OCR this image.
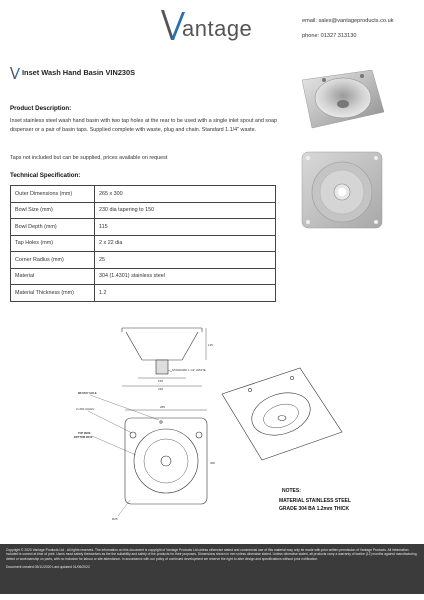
antage	email: sales@vantageproducts.co.uk
phone: 01327 313130
Inset Wash Hand Basin VIN230S
Product Description:
Inset stainless steel wash hand basin with two tap holes at the rear to be used with a single inlet spout and soap dispenser or a pair of basin taps. Supplied complete with waste, plug and chain. Standard 1.1/4" waste.
Taps not included but can be supplied, prices available on request
Technical Specification:
Outer Dimensions (mm)	265 x 300
Bowl Size (mm)	230 dia tapering to 150
Bowl Depth (mm)	115
Tap Holes (mm)	2 x 22 dia
Corner Radius (mm)	25
Material	304 (1.4301) stainless steel
Material Thickness (mm)	1.2
115
150
230
STANDARD 1 1/4" WASTE
Ø8 STAY HOLE
2x Ø22 HOLES
TOP Ø230
BOTTOM Ø150
265
300
R25
NOTES:
MATERIAL STAINLESS STEEL
GRADE 304 BA 1.2mm THICK
Copyright © 2020 Vantage Products Ltd - All rights reserved. The information on this document is copyright of Vantage Products Ltd unless otherwise stated and commercial use of this material may only be made with prior written permission of Vantage Products. All information included is correct at time of print. Users must satisfy themselves as the the suitability and safety of the products for their purposes. Dimensions shown in mm unless otherwise stated. Unless otherwise stated, all products carry a warranty of twelve (12) months against manufacturing defect or workmanship on parts, with no inclusion for labour or site attendance. In accordance with our policy of continued development we reserve the right to alter design and specifications without prior notification.
Document created 05/11/2020 Last updated 01/06/2022
